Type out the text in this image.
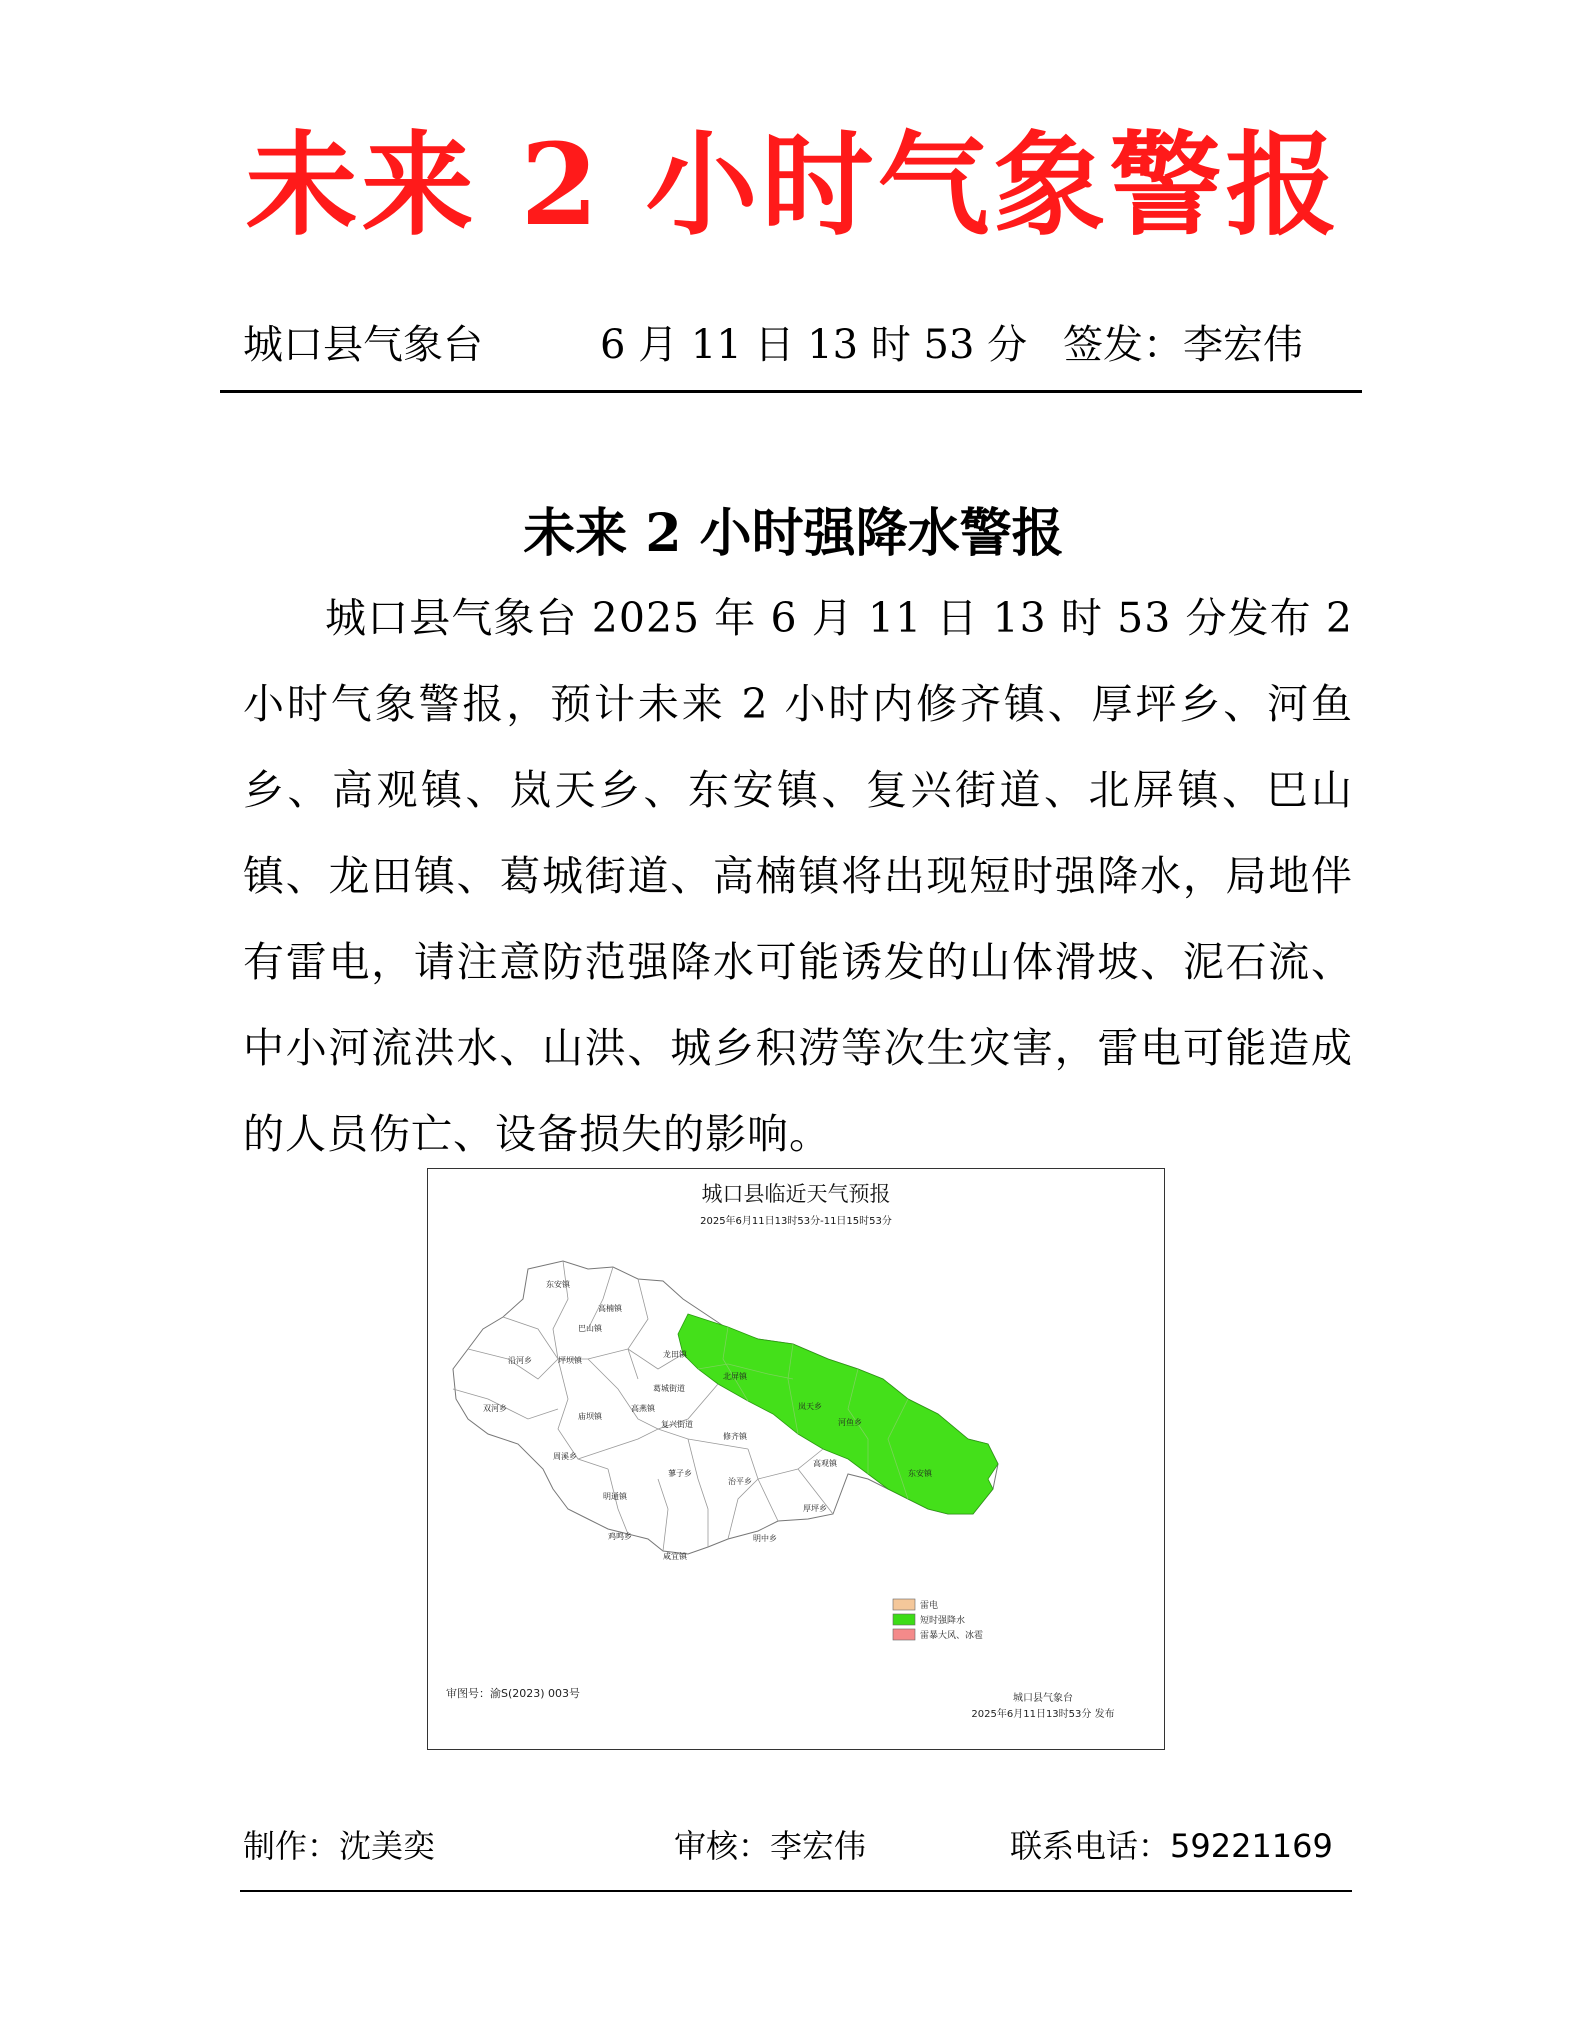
未来 2 小时气象警报
城口县气象台	6 月 11 日 13 时 53 分 签发：李宏伟
未来 2 小时强降水警报

城口县气象台 2025 年 6 月 11 日 13 时 53 分发布 2 小时气象警报，预计未来 2 小时内修齐镇、厚坪乡、河鱼乡、高观镇、岚天乡、东安镇、复兴街道、北屏镇、巴山镇、龙田镇、葛城街道、高楠镇将出现短时强降水，局地伴有雷电，请注意防范强降水可能诱发的山体滑坡、泥石流、中小河流洪水、山洪、城乡积涝等次生灾害，雷电可能造成的人员伤亡、设备损失的影响。

城口县临近天气预报
2025年6月11日13时53分-11日15时53分
东安镇
高楠镇
巴山镇
沿河乡	坪坝镇
龙田镇
北屏镇
葛城街道
双河乡
庙坝镇
高燕镇
复兴街道
岚天乡
河鱼乡
修齐镇
周溪乡
高观镇
东安镇
蓼子乡
治平乡
明通镇
厚坪乡
鸡鸣乡	明中乡
咸宜镇
雷电
短时强降水
雷暴大风、冰雹
审图号：渝S(2023) 003号	城口县气象台
2025年6月11日13时53分 发布
制作：沈美奕	审核：李宏伟	联系电话：59221169
